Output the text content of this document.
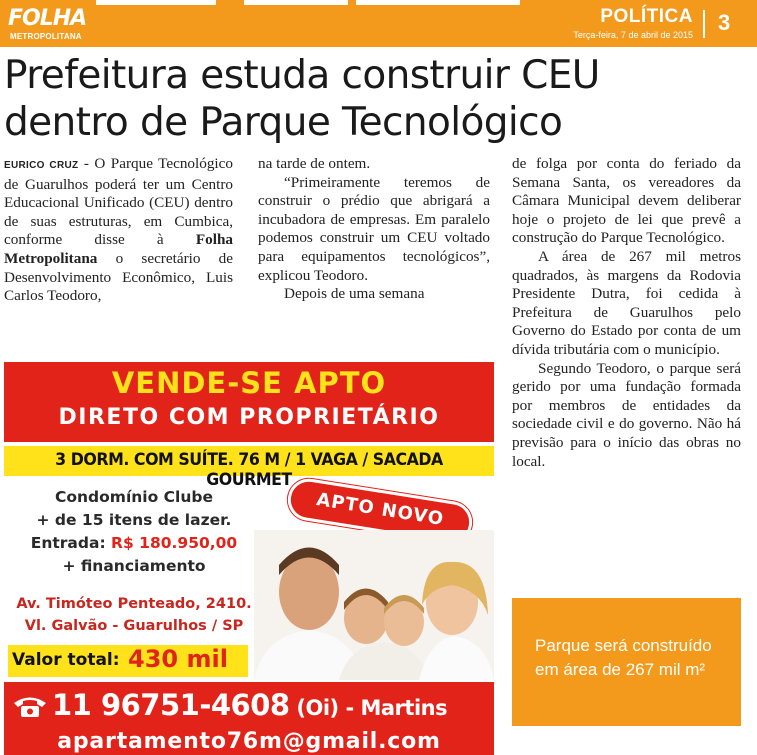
FOLHA
METROPOLITANA
POLÍTICA
Terça-feira, 7 de abril de 2015 3
Prefeitura estuda construir CEU
dentro de Parque Tecnológico

EURICO CRUZ - O Parque Tecnológico de Guarulhos poderá ter um Centro Educacional Unificado (CEU) dentro de suas estruturas, em Cumbica, conforme disse à Folha Metropolitana o secretário de Desenvolvimento Econômico, Luis Carlos Teodoro,

na tarde de ontem.

“Primeiramente teremos de construir o prédio que abrigará a incubadora de empresas. Em paralelo podemos construir um CEU voltado para equipamentos tecnológicos”, explicou Teodoro.

Depois de uma semana

de folga por conta do feriado da Semana Santa, os vereadores da Câmara Municipal devem deliberar hoje o projeto de lei que prevê a construção do Parque Tecnológico.

A área de 267 mil metros quadrados, às margens da Rodovia Presidente Dutra, foi cedida à Prefeitura de Guarulhos pelo Governo do Estado por conta de um dívida tributária com o município.

Segundo Teodoro, o parque será gerido por uma fundação formada por membros de entidades da sociedade civil e do governo. Não há previsão para o início das obras no local.

Parque será construído em área de 267 mil m²
VENDE-SE APTO
DIRETO COM PROPRIETÁRIO
3 DORM. COM SUÍTE. 76 M / 1 VAGA / SACADA GOURMET
Condomínio Clube
+ de 15 itens de lazer.
Entrada: R$ 180.950,00
+ financiamento
Av. Timóteo Penteado, 2410.
Vl. Galvão - Guarulhos / SP
APTO NOVO
Valor total: 430 mil
11 96751-4608 (Oi) - Martins
apartamento76m@gmail.com
